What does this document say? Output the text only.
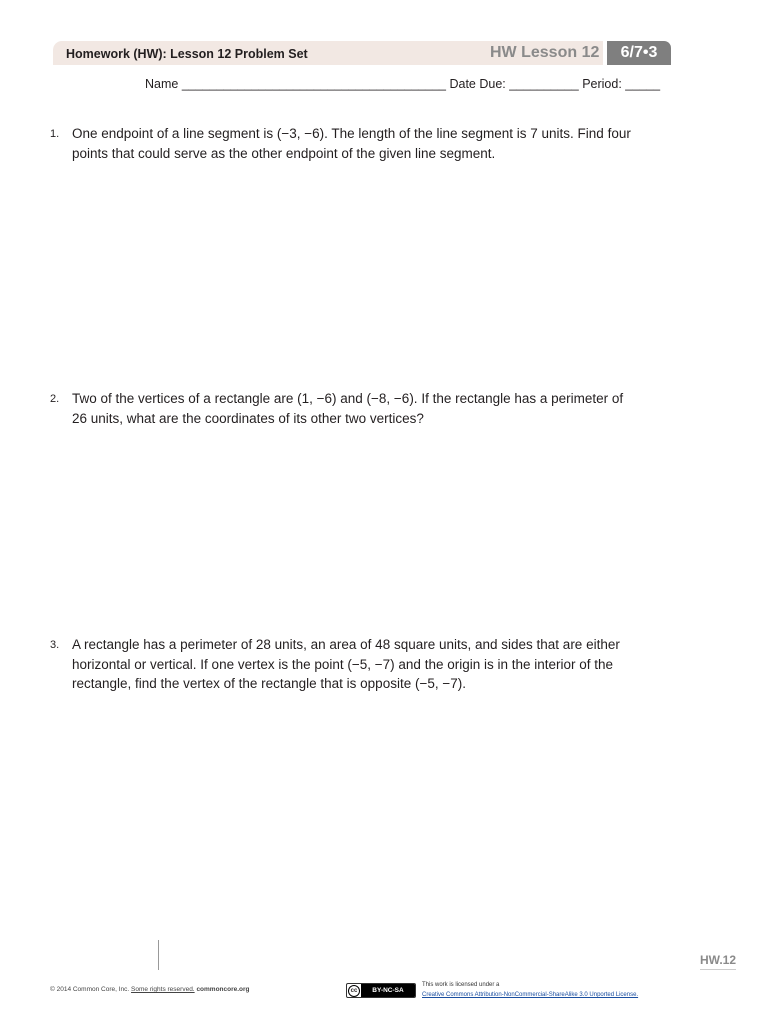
Homework (HW): Lesson 12 Problem Set	HW Lesson 12	6/7•3
Name ______________________________________ Date Due: __________ Period: _____
1. One endpoint of a line segment is (−3, −6). The length of the line segment is 7 units. Find four
points that could serve as the other endpoint of the given line segment.
2. Two of the vertices of a rectangle are (1, −6) and (−8, −6). If the rectangle has a perimeter of
26 units, what are the coordinates of its other two vertices?
3. A rectangle has a perimeter of 28 units, an area of 48 square units, and sides that are either
horizontal or vertical. If one vertex is the point (−5, −7) and the origin is in the interior of the
rectangle, find the vertex of the rectangle that is opposite (−5, −7).
HW.12
© 2014 Common Core, Inc. Some rights reserved. commoncore.org	cc	BY-NC-SA
This work is licensed under a
Creative Commons Attribution-NonCommercial-ShareAlike 3.0 Unported License.
